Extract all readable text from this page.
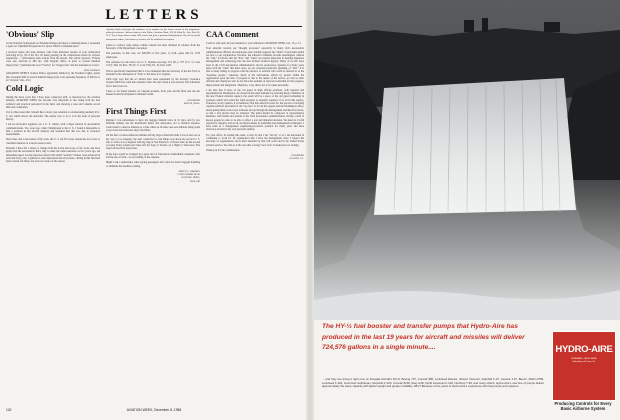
LETTERS
'Obvious' Slip

At the National Symposium on Extended Range and Space Communications, I presented a paper on "Optimum Frequencies for Space Vehicle Communication."

I received letters and long distance calls from interested readers of your publication following its (p. 58 of the Oct. 20 issue) quoting on the comparisons stated on obvious frequencies .... (Discussing radio echoes from the moons. The article reported, "Echoes were also detected at 400 mc, with Doppler shifts, at great to several hundred megacycles".) Substitute the word "twelve" for "megacycles" and the statement is correct.

ROY GEORGE

(AVIATION WEEK'S Science Editor, apparently blinded by the Northern Lights, grants that a Doppler shift of several hundred megacycles at an operating frequency of 400 mc is an "obvious" slip—Ed.)

Cold Logic

During the more years that I have been connected with, or interested in, the aviation industry, AVIATION WEEK has become very important to me, being both the best technical and practical periodical in the field, and showing a sane and valuable record time and consistency.

It is for this reason that I should like to draw your attention to an interesting anomaly in U. S. law which allows the unlawful. The easiest way to do it is in the form of personal history.

I am an electronics engineer, not a U. S. citizen, with a major interest in aeronautical communications. Two years ago, when I immigrated to the U. S., I found it impossible to find a position in the aircraft industry and assumed that this was due to clearance requirements.

Since then, due to the nature of my work, the U. S. Air Force has cleared me for access to classified material on a need-to-know basis.

Recently I have felt a desire to change both the locale and scope of my work, and have again tried the aeronautical field, only to meet the same resistance as two years ago. An interesting aspect was the rigorous refusal with which "security" matters were advanced in each and every case. I gathered a clear impression that all persons—hiring in this field had been warned off aliens, but were not aware of the reason.

Aviation Week welcomes the opinions of its readers on the issues raised in the magazine's editorial columns. Address letters to the Editor, Aviation Week, 330 W. 42nd St., New York 36, N. Y. Try to keep letters under 500 words and give a genuine identification. We will not print anonymous letters, but names of writers will be withheld on request.

gation to contract trade unless written consent has been obtained in advance from the Secretary of the Department concerned.

The penalties, in this case, are $20,000 or five years, or both—quite still for 1720 employees.

The reference for the above are: U. S. Statutes-At-Large, Vol. 68, p. 797 (5 U. S. Code 1317); Title 18, Para. 335 (U. S. Code 793); Tit. 18, Para. 1001.

This is specifically mentioned that it is not mandated that the Secretary of the Air Force is included in the description of "Inds" to the letter for Congress.

Until logic says that the act should have been suspended by the Security Clearance System which has come into existence since the days when it was enacted. The ridiculous fact is that it has not.

I have so far found refusals, on coherent grounds, from your aircraft firms and one Air Research and Development Command Center.

ENGINEER
Boston, Mass.
First Things First

Perhaps I was unfortunate to have my luggage mislaid twice in 10 days, and by two different airlines, but the insufficient letters and annoyance, not to mention expense, would seem to deserve mention at a time when on all sides one sees millions being spent on jet travel and elaborate airport facilities.

On the first occasion American Airlines left my bags at Idlewild while I was in and out on my way to Los Angeles; my next connection to San Diego was about my second U. S. trip, to arrive at Los Angeles with my bags at San Francisco. 23 hours later. At the second occasion Trans Canada Air Lines left my bags at Toronto on a flight to Vancouver. The bags followed five hours later.

In the days would be wrapped up a great deal of frustration, irremediable telephone calls and the use of form—to say nothing of the expense.

Might I ask, I understand, other paying passengers add a plea for better baggage handling to eliminate the needless waiting.

PERCY L. CROSBY
71 Devonshire Road
Watford, Herts,
England
CAA Comment

I wish to refer and call your attention to your editorial in AVIATION WEEK, Oct. 13, p. 21.

Your editorial towards our "thought processes" especially in many Civil Aeronautics Administration officials and employees and certainly supports the "mind" of problems which are new to our organization; however, the editorial comments become meaningless without the "why." It follows that the "how" and "when" are equally important in meeting ingenious management and technology into the new Federal Aviation Agency. Many of us who have been in the Civil Aeronautics Administration and its predecessor agencies for many years agree with the "what" that must. Also, we are concerned generally speaking, of "who." It is true to many failing to progress with the advance of aviation who could be referred to as the "nonsense people." Likewise, much of the deficiencies effects by people within the organization upon the side of progress is due to the nature of the service, as well as other officials and employees who do not have the qualities of rigorous leadership for the progress, improvement and integration. Therefore, I say, this is not to be taken personally.

I am sure that if more of the old guard in high official positions, both regional and departmental in Washington, are chosen in the panel mandate for selecting likely candidates in the new Federal Aviation Agency, the result will be a piece of the old guard remaining in positions which will retard the rapid progress so urgently required of us all in this agency. Therefore, in my opinion, it is mandatory that this selection board for the process of securing capable technical personnel for the "top spot" is for all the regions and the Washington office, interrogating them at the lower echelons and up through the management and direction levels, so that a true picture may be obtained. The panel should be composed of representative members, both inside and outside of the Civil Aeronautics Administration, having a staff of known people in order to be able to effect a real and impartial decision. We must do it with objectivity, integrity and an all-out improvement in leadership and management techniques. I have been in a management engineering-executive position for many years and have observed, and above my own personal opinion.

For your office, in reading this letter, it may be that I am "fed up" or as I am interested in continuing to work for an organization that I have the management since I respect the necessity of organizations above their shoulder by that will work and in the United States aviation service. Yes, this as is the case that a strong "new look" is needed now is lacking.

Thank you for the consideration.

ENGINEER
Gloster, Va.
102	AVIATION WEEK, December 8, 1958
The HY-½ fuel booster and transfer pumps that Hydro-Aire has produced in the last 19 years for aircraft and missiles will deliver 724,576 gallons in a single minute....
... and they are doing it right now on Douglas Aircraft's DC-8, Boeing 707, Convair 880, Lockheed Electra, Vickers Viscount, Fairchild F-27, Cessna T-37, Beech, Martin P5M, Lockheed F-104, Grumman Gulfstream, Republic F-105, Convair B-58, Navy A4D, North American F-100, Northrop T-38, and many others. Hydro-Aire's new line of pumps deliver approximately the same capacity with lighter weight and greater reliability. Why? Because of the years of Hydro-Aire's experience with fuel pumps and systems.
HYDRO-AIRE
BURBANK, CALIFORNIA
Subsidiary of Crane Co.
Producing Controls for Every Basic Airborne System
